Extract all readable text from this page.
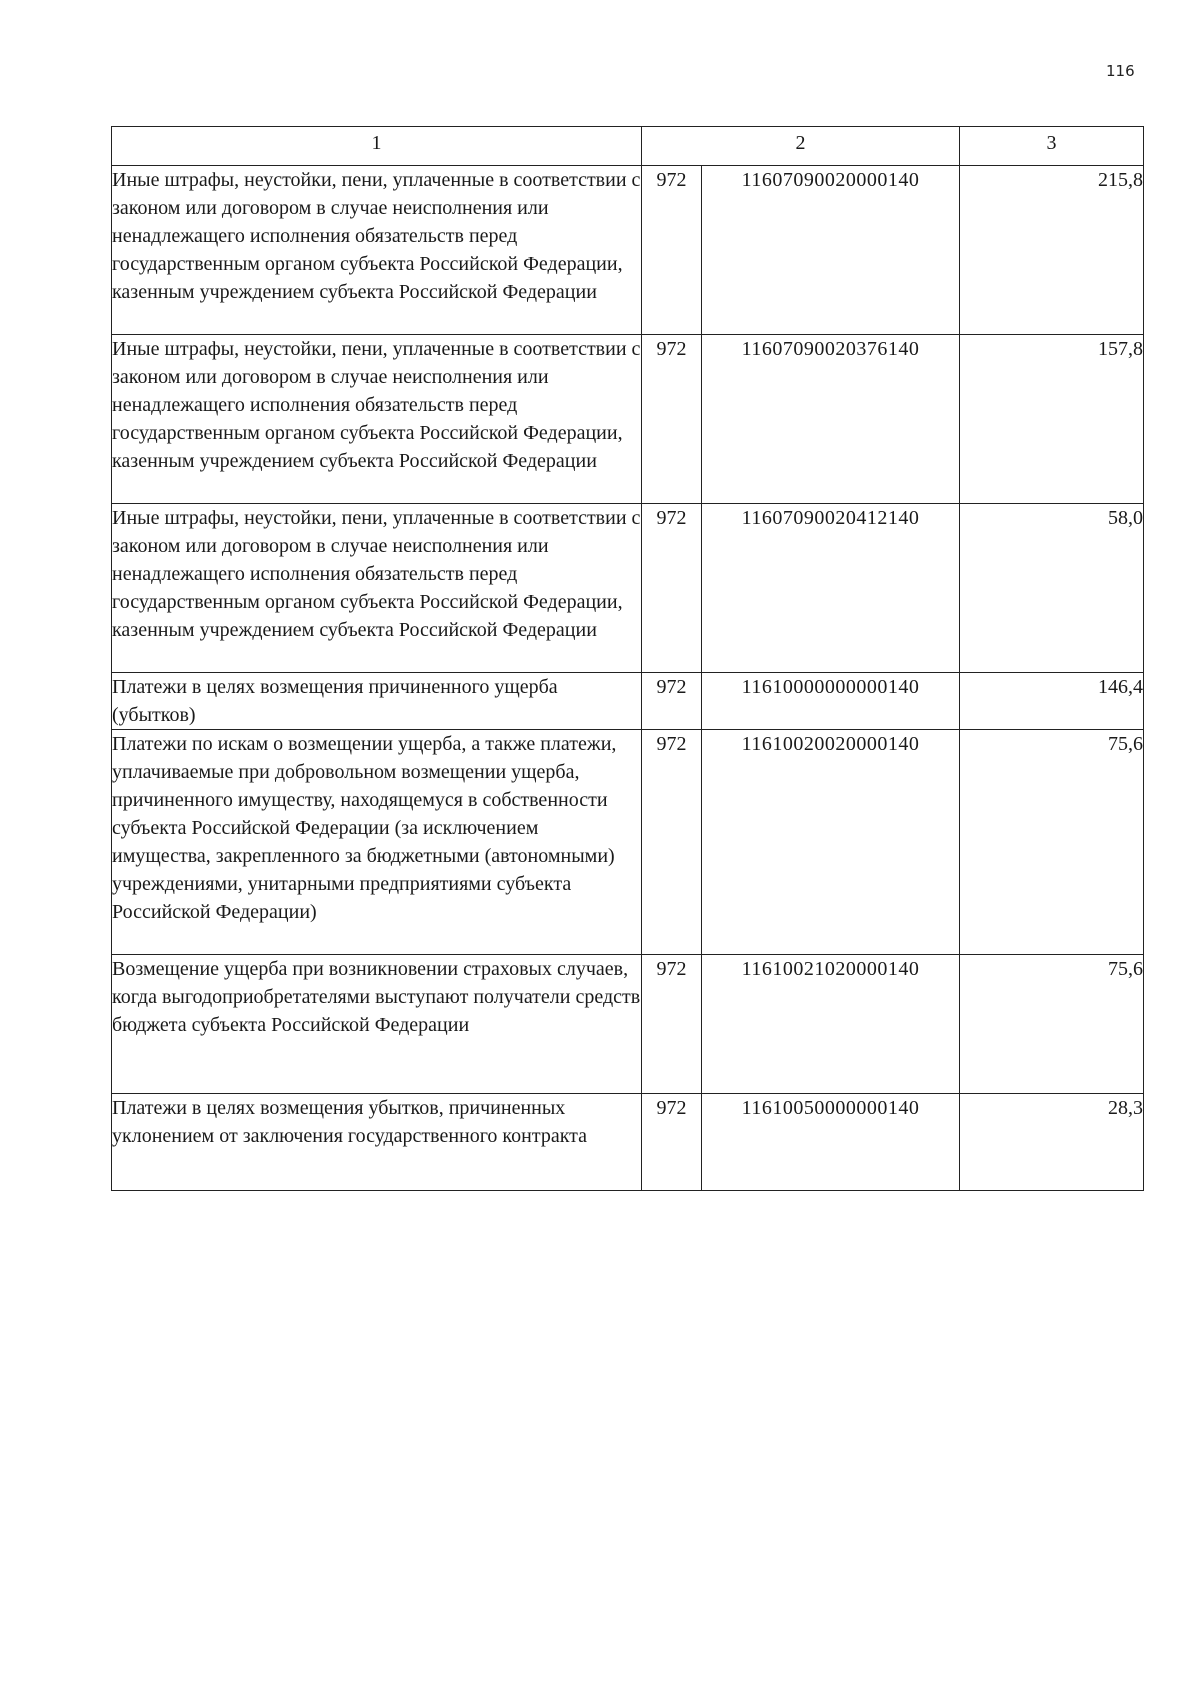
116
1	2		3
Иные штрафы, неустойки, пени, уплаченные в соответствии с законом или договором в случае неисполнения или ненадлежащего исполнения обязательств перед государственным органом субъекта Российской Федерации, казенным учреждением субъекта Российской Федерации	972	11607090020000140	215,8
Иные штрафы, неустойки, пени, уплаченные в соответствии с законом или договором в случае неисполнения или ненадлежащего исполнения обязательств перед государственным органом субъекта Российской Федерации, казенным учреждением субъекта Российской Федерации	972	11607090020376140	157,8
Иные штрафы, неустойки, пени, уплаченные в соответствии с законом или договором в случае неисполнения или ненадлежащего исполнения обязательств перед государственным органом субъекта Российской Федерации, казенным учреждением субъекта Российской Федерации	972	11607090020412140	58,0
Платежи в целях возмещения причиненного ущерба (убытков)	972	11610000000000140	146,4
Платежи по искам о возмещении ущерба, а также платежи, уплачиваемые при добровольном возмещении ущерба, причиненного имуществу, находящемуся в собственности субъекта Российской Федерации (за исключением имущества, закрепленного за бюджетными (автономными) учреждениями, унитарными предприятиями субъекта Российской Федерации)	972	11610020020000140	75,6
Возмещение ущерба при возникновении страховых случаев, когда выгодоприобретателями выступают получатели средств бюджета субъекта Российской Федерации	972	11610021020000140	75,6
Платежи в целях возмещения убытков, причиненных уклонением от заключения государственного контракта	972	11610050000000140	28,3
